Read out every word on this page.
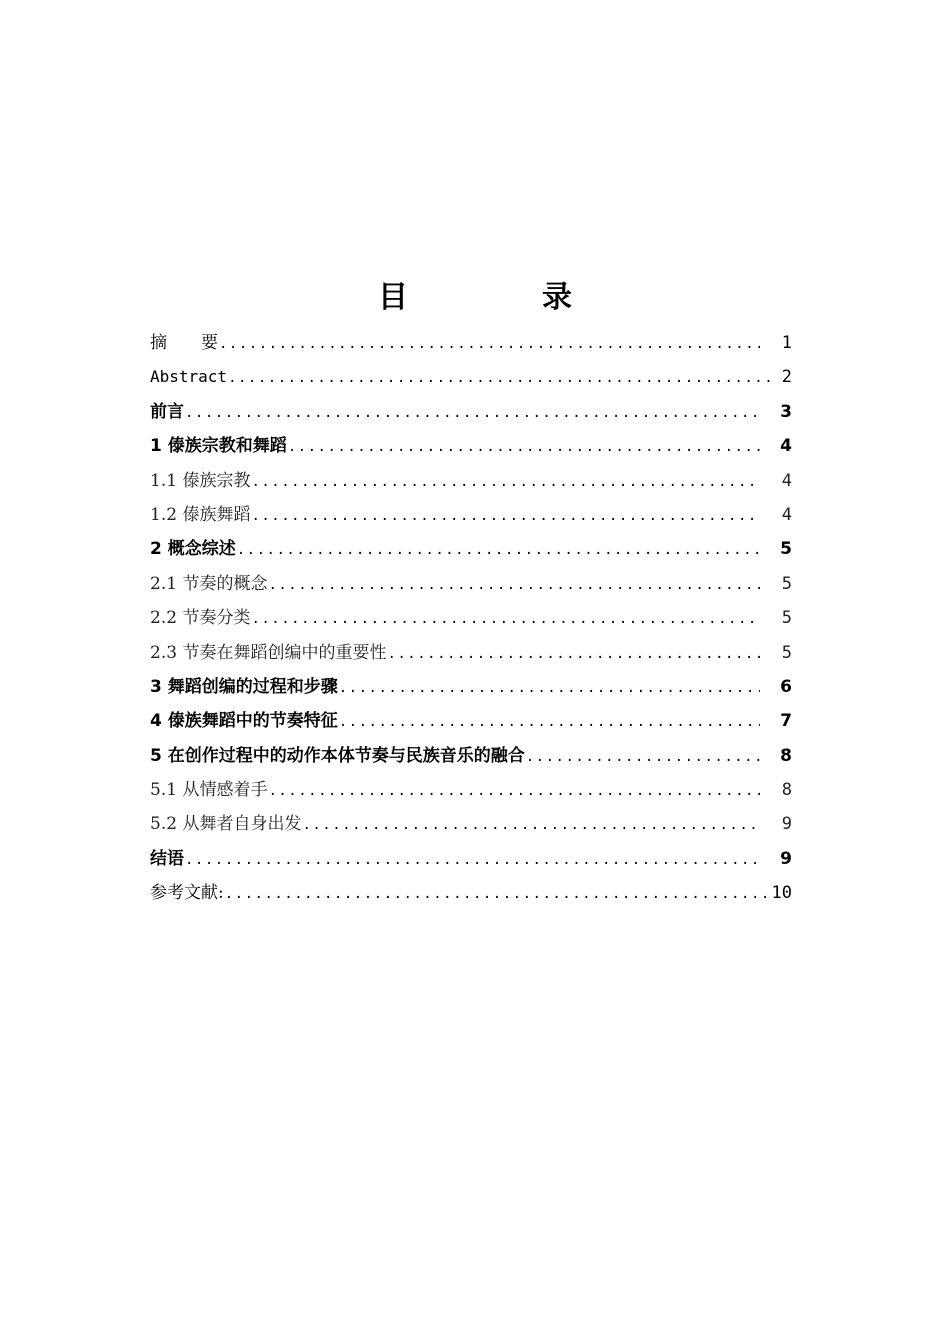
目　录
摘　　要 .....	1
Abstract .....	2
前言 .....	3
1 傣族宗教和舞蹈 .....	4
1.1 傣族宗教 .....	4
1.2 傣族舞蹈 .....	4
2 概念综述 .....	5
2.1 节奏的概念 .....	5
2.2 节奏分类 .....	5
2.3 节奏在舞蹈创编中的重要性 .....	5
3 舞蹈创编的过程和步骤 .....	6
4 傣族舞蹈中的节奏特征 .....	7
5 在创作过程中的动作本体节奏与民族音乐的融合 .....	8
5.1 从情感着手 .....	8
5.2 从舞者自身出发 .....	9
结语 .....	9
参考文献: .....	10
